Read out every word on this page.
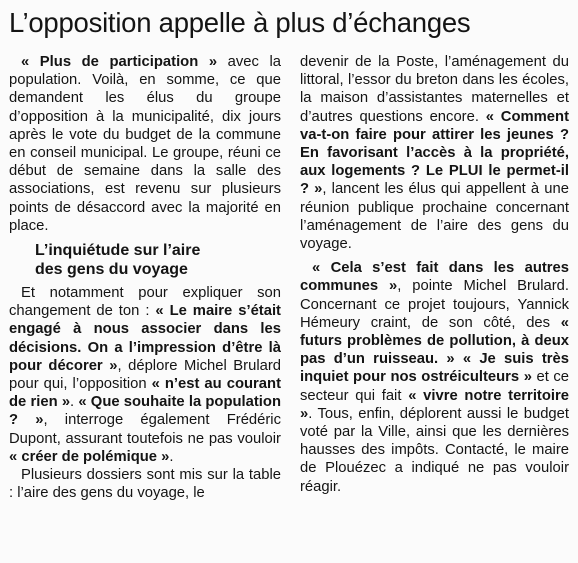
L’opposition appelle à plus d’échanges

« Plus de participation » avec la population. Voilà, en somme, ce que demandent les élus du groupe d’opposition à la municipalité, dix jours après le vote du budget de la commune en conseil municipal. Le groupe, réuni ce début de semaine dans la salle des associations, est revenu sur plusieurs points de désaccord avec la majorité en place.

L’inquiétude sur l’aire
des gens du voyage

Et notamment pour expliquer son changement de ton : « Le maire s’était engagé à nous associer dans les décisions. On a l’impression d’être là pour décorer », déplore Michel Brulard pour qui, l’opposition « n’est au courant de rien ». « Que souhaite la population ? », interroge également Frédéric Dupont, assurant toutefois ne pas vouloir « créer de polémique ».

Plusieurs dossiers sont mis sur la table : l’aire des gens du voyage, le

devenir de la Poste, l’aménagement du littoral, l’essor du breton dans les écoles, la maison d’assistantes maternelles et d’autres questions encore. « Comment va-t-on faire pour attirer les jeunes ? En favorisant l’accès à la propriété, aux logements ? Le PLUI le permet-il ? », lancent les élus qui appellent à une réunion publique prochaine concernant l’aménagement de l’aire des gens du voyage.

« Cela s’est fait dans les autres communes », pointe Michel Brulard. Concernant ce projet toujours, Yannick Hémeury craint, de son côté, des « futurs problèmes de pollution, à deux pas d’un ruisseau. » « Je suis très inquiet pour nos ostréiculteurs » et ce secteur qui fait « vivre notre territoire ». Tous, enfin, déplorent aussi le budget voté par la Ville, ainsi que les dernières hausses des impôts. Contacté, le maire de Plouézec a indiqué ne pas vouloir réagir.
